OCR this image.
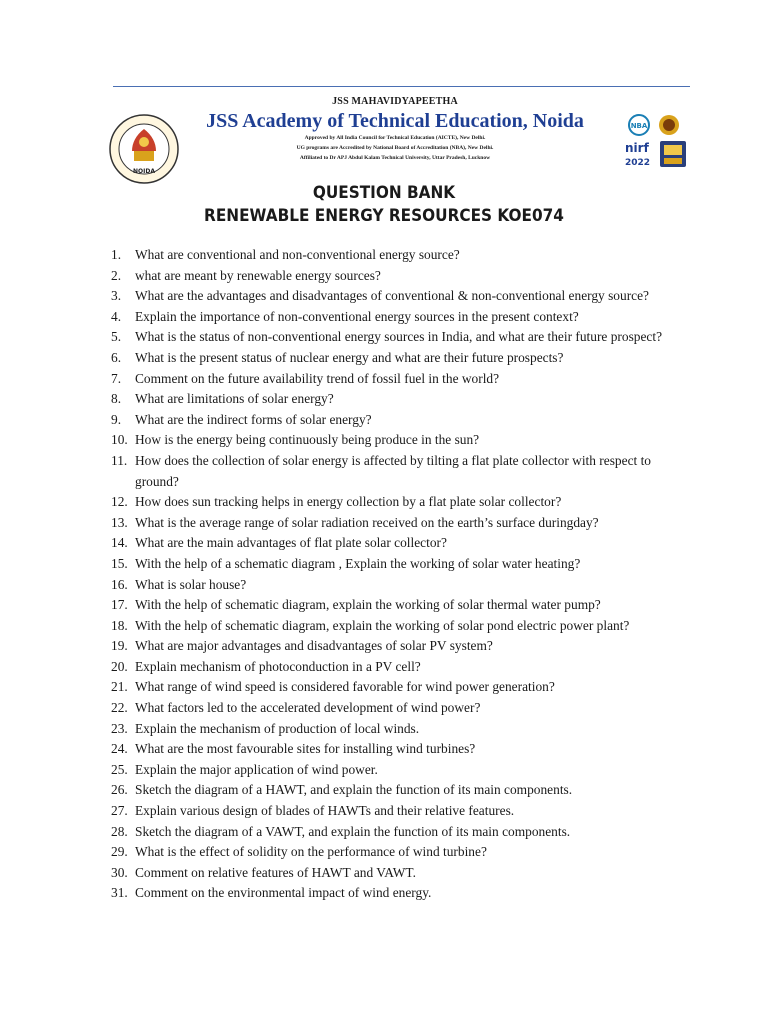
NOIDA
JSS MAHAVIDYAPEETHA
JSS Academy of Technical Education, Noida
Approved by All India Council for Technical Education (AICTE), New Delhi.
UG programs are Accredited by National Board of Accreditation (NBA), New Delhi.
Affiliated to Dr APJ Abdul Kalam Technical University, Uttar Pradesh, Lucknow
NBA
nirf
2022
QUESTION BANK
RENEWABLE ENERGY RESOURCES KOE074
1.	What are conventional and non-conventional energy source?
2.	what are meant by renewable energy sources?
3.	What are the advantages and disadvantages of conventional & non-conventional energy source?
4.	Explain the importance of non-conventional energy sources in the present context?
5.	What is the status of non-conventional energy sources in India, and what are their future prospect?
6.	What is the present status of nuclear energy and what are their future prospects?
7.	Comment on the future availability trend of fossil fuel in the world?
8.	What are limitations of solar energy?
9.	What are the indirect forms of solar energy?
10. How is the energy being continuously being produce in the sun?
11. How does the collection of solar energy is affected by tilting a flat plate collector with respect to ground?
12. How does sun tracking helps in energy collection by a flat plate solar collector?
13. What is the average range of solar radiation received on the earth’s surface duringday?
14. What are the main advantages of flat plate solar collector?
15. With the help of a schematic diagram , Explain the working of solar water heating?
16. What is solar house?
17. With the help of schematic diagram, explain the working of solar thermal water pump?
18. With the help of schematic diagram, explain the working of solar pond electric power plant?
19. What are major advantages and disadvantages of solar PV system?
20. Explain mechanism of photoconduction in a PV cell?
21. What range of wind speed is considered favorable for wind power generation?
22. What factors led to the accelerated development of wind power?
23. Explain the mechanism of production of local winds.
24. What are the most favourable sites for installing wind turbines?
25. Explain the major application of wind power.
26. Sketch the diagram of a HAWT, and explain the function of its main components.
27. Explain various design of blades of HAWTs and their relative features.
28. Sketch the diagram of a VAWT, and explain the function of its main components.
29. What is the effect of solidity on the performance of wind turbine?
30. Comment on relative features of HAWT and VAWT.
31. Comment on the environmental impact of wind energy.
